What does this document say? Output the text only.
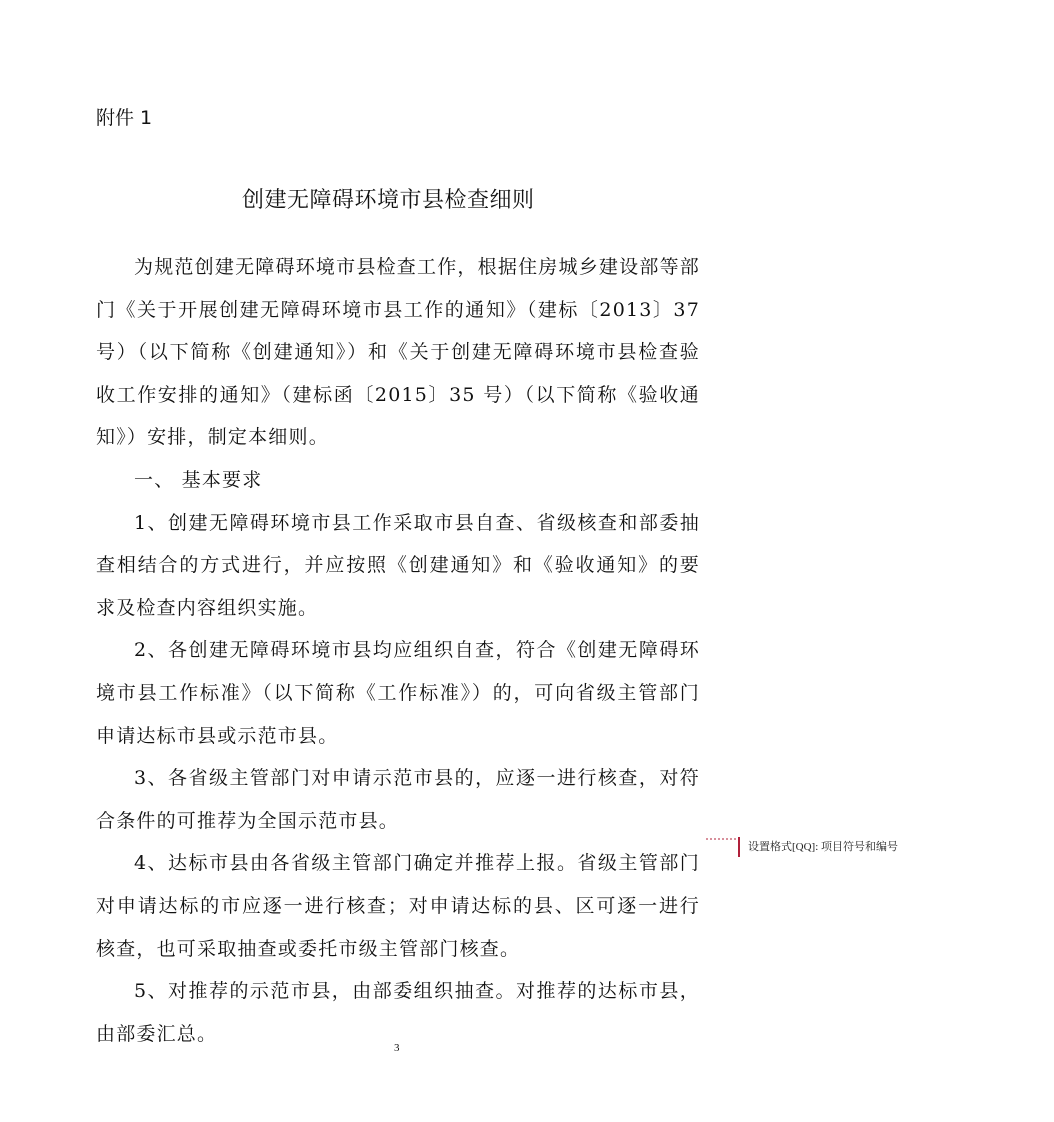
附件 1
创建无障碍环境市县检查细则

为规范创建无障碍环境市县检查工作，根据住房城乡建设部等部门《关于开展创建无障碍环境市县工作的通知》（建标〔2013〕37 号）（以下简称《创建通知》）和《关于创建无障碍环境市县检查验收工作安排的通知》（建标函〔2015〕35 号）（以下简称《验收通知》）安排，制定本细则。

一、 基本要求

1、创建无障碍环境市县工作采取市县自查、省级核查和部委抽查相结合的方式进行，并应按照《创建通知》和《验收通知》的要求及检查内容组织实施。

2、各创建无障碍环境市县均应组织自查，符合《创建无障碍环境市县工作标准》（以下简称《工作标准》）的，可向省级主管部门申请达标市县或示范市县。

3、各省级主管部门对申请示范市县的，应逐一进行核查，对符合条件的可推荐为全国示范市县。

4、达标市县由各省级主管部门确定并推荐上报。省级主管部门对申请达标的市应逐一进行核查；对申请达标的县、区可逐一进行核查，也可采取抽查或委托市级主管部门核查。

5、对推荐的示范市县，由部委组织抽查。对推荐的达标市县，由部委汇总。

设置格式[QQ]: 项目符号和编号
3
